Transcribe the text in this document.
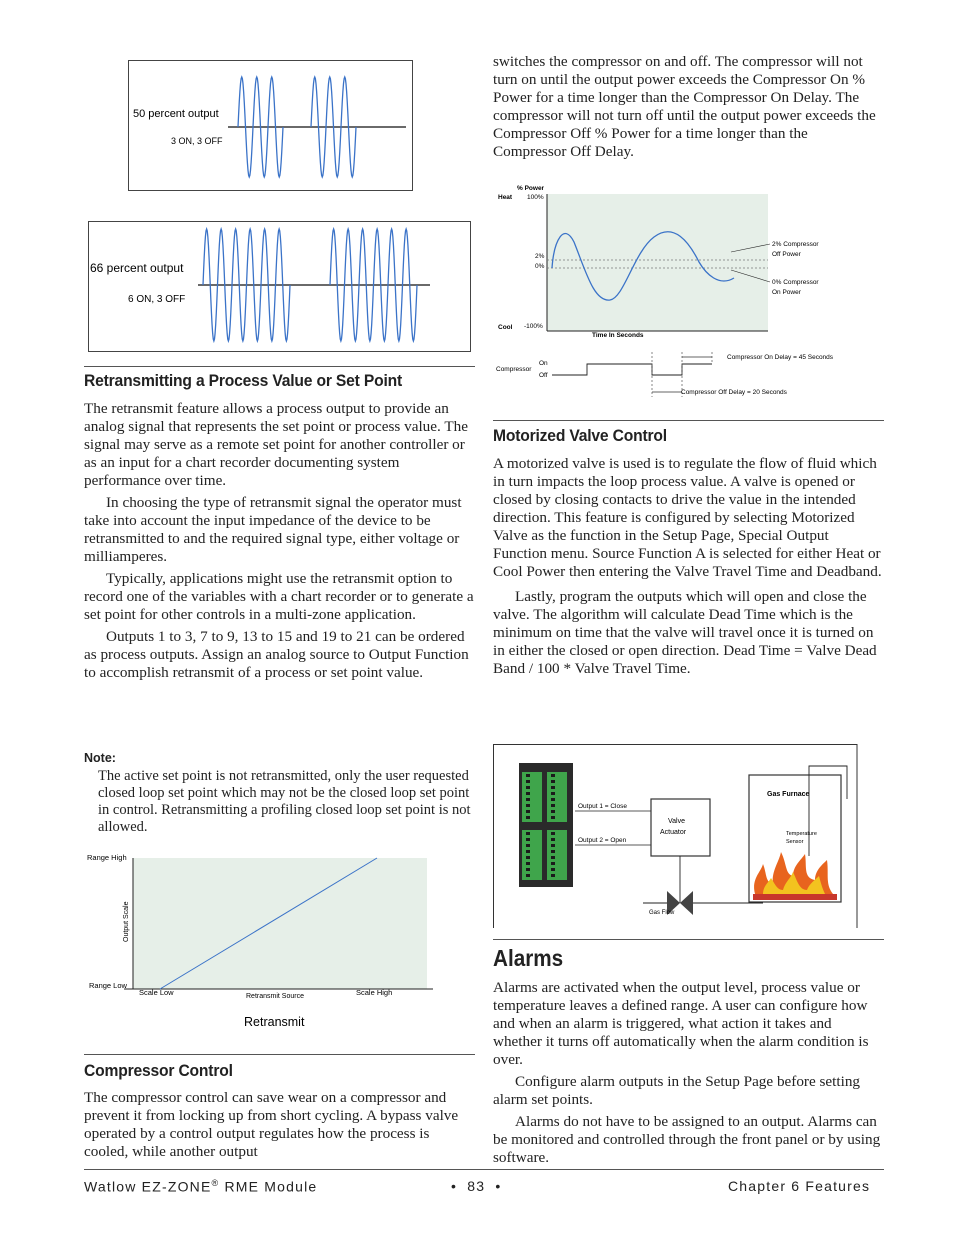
50 percent output
3 ON, 3 OFF
66 percent output
6 ON, 3 OFF
Retransmitting a Process Value or Set Point

The retransmit feature allows a process output to provide an analog signal that represents the set point or process value. The signal may serve as a remote set point for another controller or as an input for a chart recorder documenting system performance over time.

In choosing the type of retransmit signal the operator must take into account the input impedance of the device to be retransmitted to and the required signal type, either voltage or milliamperes.

Typically, applications might use the retransmit option to record one of the variables with a chart recorder or to generate a set point for other controls in a multi-zone application.

Outputs 1 to 3, 7 to 9, 13 to 15 and 19 to 21 can be ordered as process outputs. Assign an analog source to Output Function to accomplish retransmit of a process or set point value.

Note:

The active set point is not retransmitted, only the user requested closed loop set point which may not be the closed loop set point in control. Retransmitting a profiling closed loop set point is not allowed.

Range High
Range Low
Output Scale
Scale Low	Retransmit Source	Scale High
Retransmit
Compressor Control

The compressor control can save wear on a compressor and prevent it from locking up from short cycling. A bypass valve operated by a control output regulates how the process is cooled, while another output

switches the compressor on and off. The compressor will not turn on until the output power exceeds the Compressor On % Power for a time longer than the Compressor On Delay. The compressor will not turn off until the output power exceeds the Compressor Off % Power for a time longer than the Compressor Off Delay.

% Power
Heat 100%
2%
0%
Cool -100%
Time In Seconds
2% Compressor
Off Power
0% Compressor
On Power
Compressor
On
Off
Compressor On Delay = 45 Seconds
Compressor Off Delay = 20 Seconds
Motorized Valve Control

A motorized valve is used is to regulate the flow of fluid which in turn impacts the loop process value. A valve is opened or closed by closing contacts to drive the value in the intended direction. This feature is configured by selecting Motorized Valve as the function in the Setup Page, Special Output Function menu. Source Function A is selected for either Heat or Cool Power then entering the Valve Travel Time and Deadband.

Lastly, program the outputs which will open and close the valve. The algorithm will calculate Dead Time which is the minimum on time that the valve will travel once it is turned on in either the closed or open direction. Dead Time = Valve Dead Band / 100 * Valve Travel Time.

Output 1 = Close
Output 2 = Open
Valve
Actuator
Gas Furnace
Temperature
Sensor
Gas Flow
Alarms

Alarms are activated when the output level, process value or temperature leaves a defined range. A user can configure how and when an alarm is triggered, what action it takes and whether it turns off automatically when the alarm condition is over.

Configure alarm outputs in the Setup Page before setting alarm set points.

Alarms do not have to be assigned to an output. Alarms can be monitored and controlled through the front panel or by using software.

Watlow EZ-ZONE® RME Module	•  83  •	Chapter 6 Features
